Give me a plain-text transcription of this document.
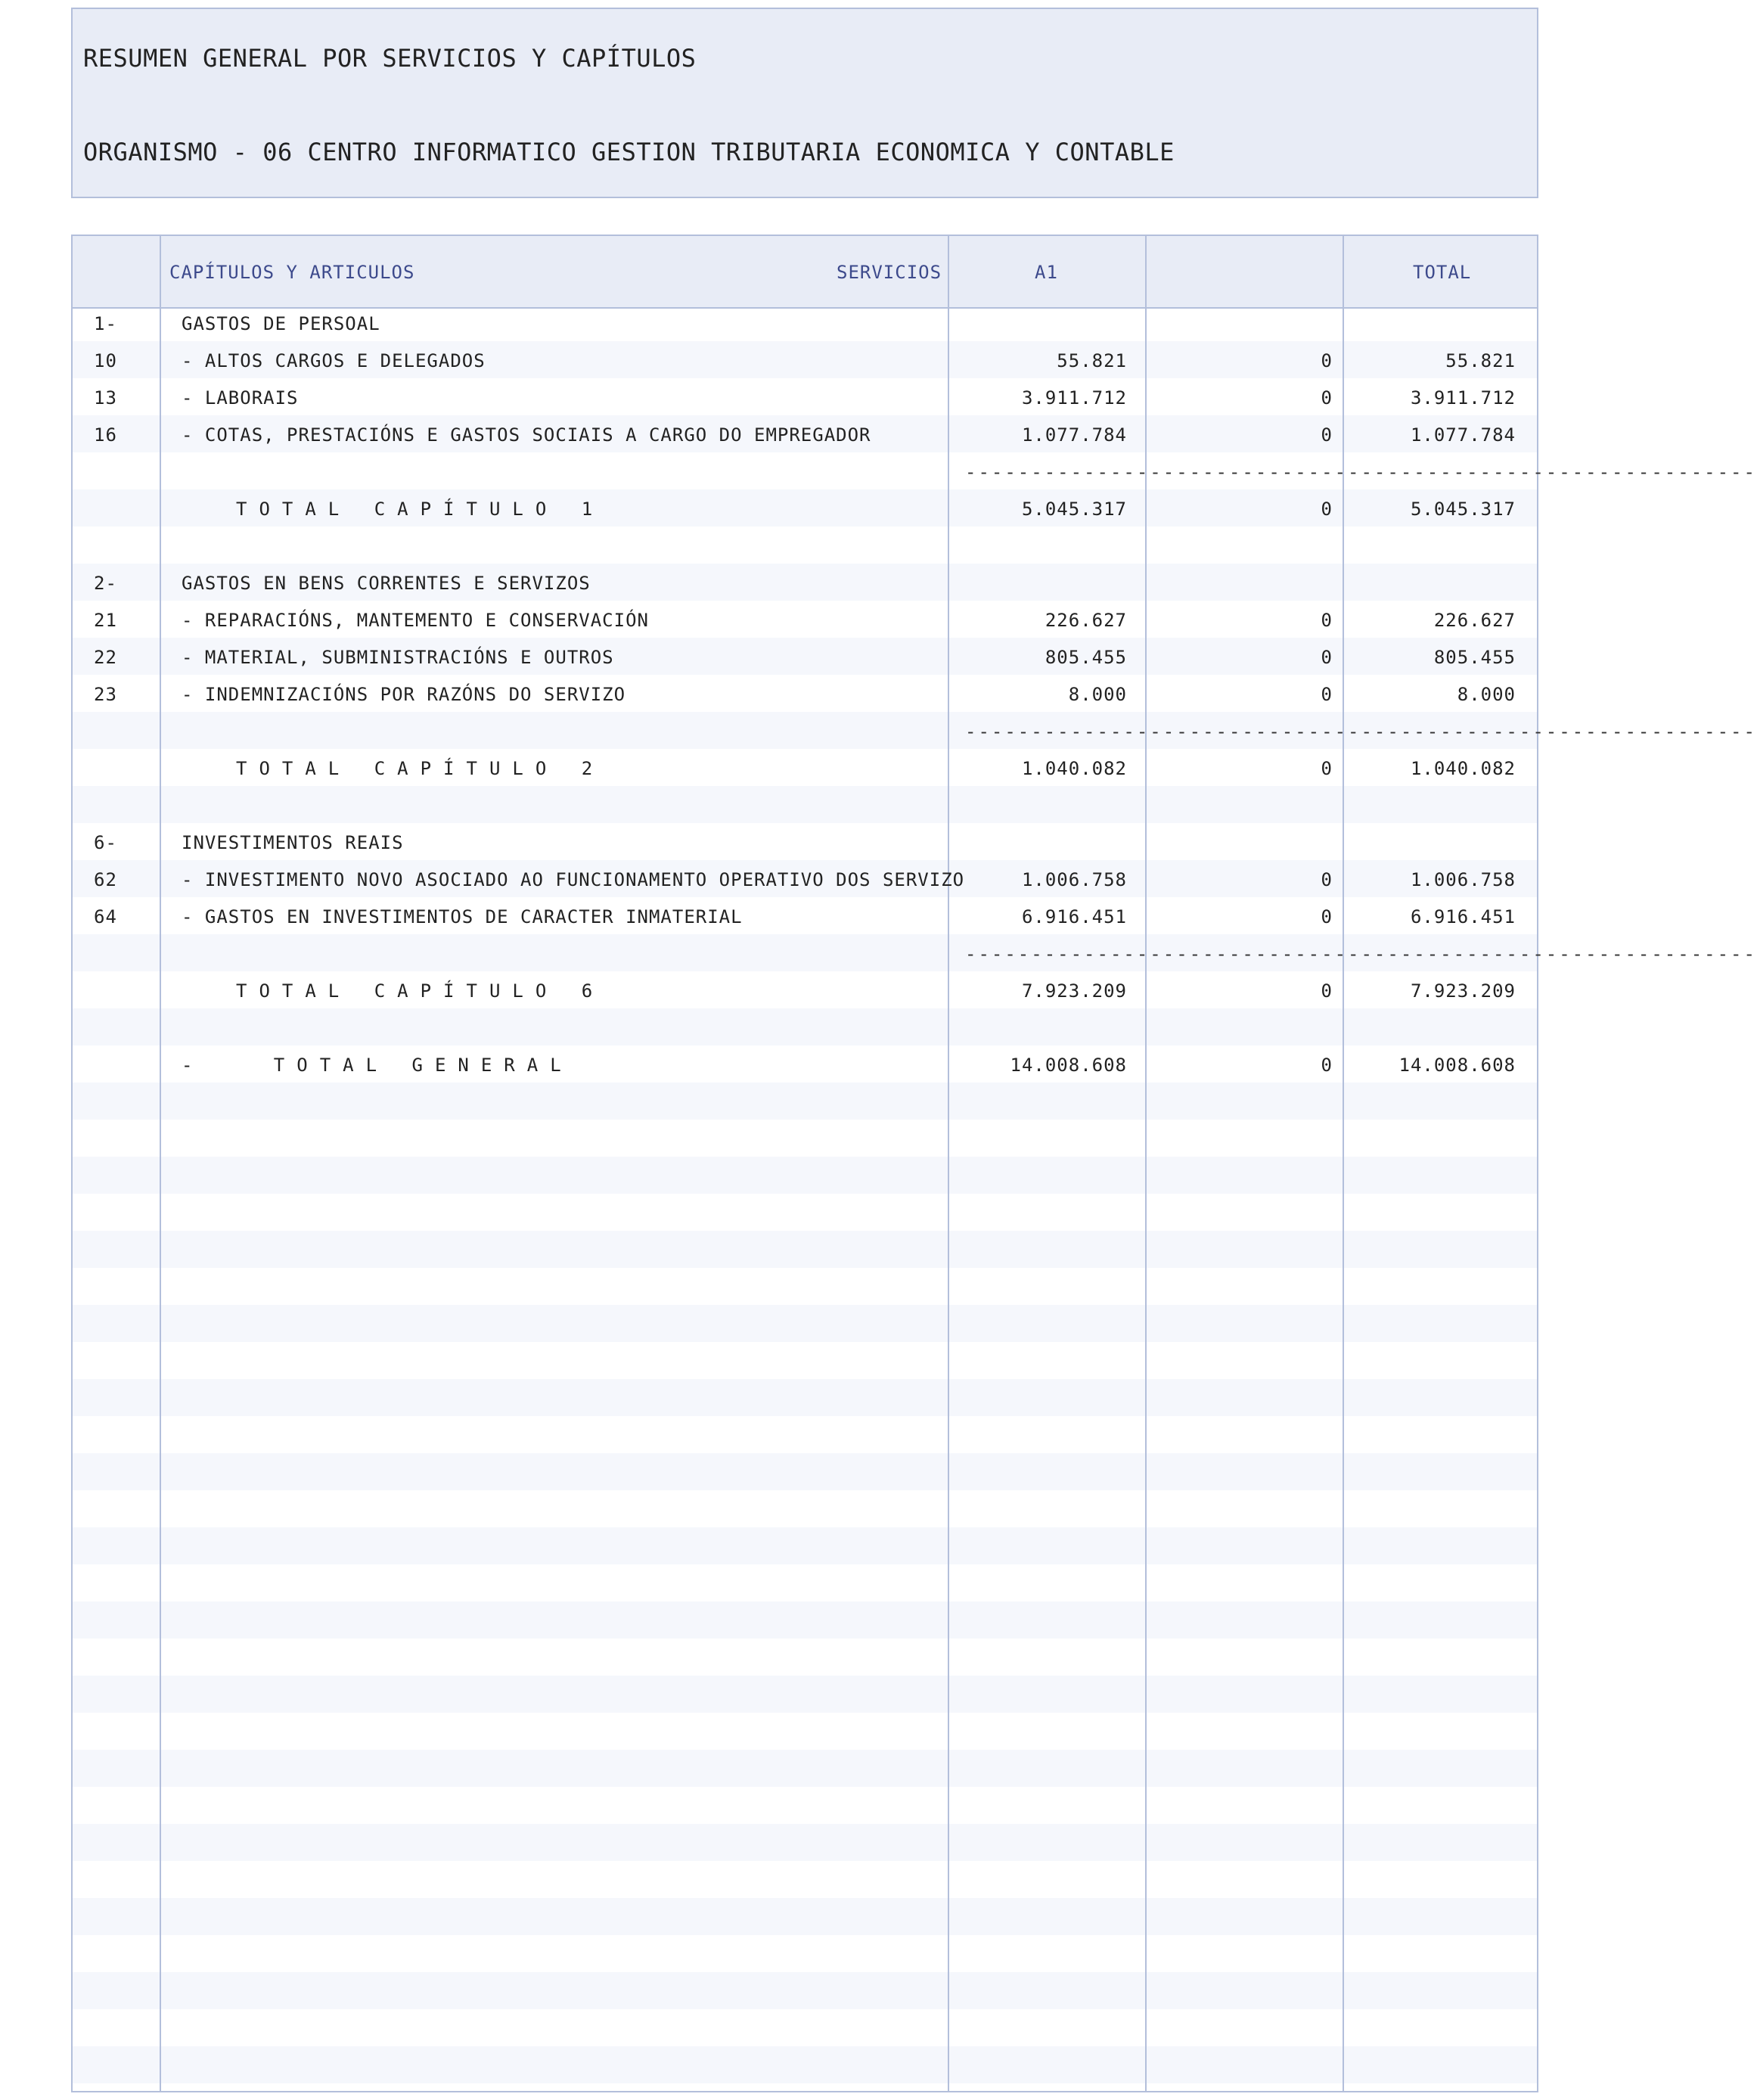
RESUMEN GENERAL POR SERVICIOS Y CAPÍTULOS
ORGANISMO - 06 CENTRO INFORMATICO GESTION TRIBUTARIA ECONOMICA Y CONTABLE
CAPÍTULOS Y ARTICULOS	SERVICIOS	A1	TOTAL
1-	GASTOS DE PERSOAL
10	- ALTOS CARGOS E DELEGADOS	55.821	0	55.821
13	- LABORAIS	3.911.712	0	3.911.712
16	- COTAS, PRESTACIÓNS E GASTOS SOCIAIS A CARGO DO EMPREGADOR	1.077.784	0	1.077.784
------------------------------------------------------------
TOTAL CAPÍTULO 1	5.045.317	0	5.045.317
2-	GASTOS EN BENS CORRENTES E SERVIZOS
21	- REPARACIÓNS, MANTEMENTO E CONSERVACIÓN	226.627	0	226.627
22	- MATERIAL, SUBMINISTRACIÓNS E OUTROS	805.455	0	805.455
23	- INDEMNIZACIÓNS POR RAZÓNS DO SERVIZO	8.000	0	8.000
------------------------------------------------------------
TOTAL CAPÍTULO 2	1.040.082	0	1.040.082
6-	INVESTIMENTOS REAIS
62	- INVESTIMENTO NOVO ASOCIADO AO FUNCIONAMENTO OPERATIVO DOS SERVIZO	1.006.758	0	1.006.758
64	- GASTOS EN INVESTIMENTOS DE CARACTER INMATERIAL	6.916.451	0	6.916.451
------------------------------------------------------------
TOTAL CAPÍTULO 6	7.923.209	0	7.923.209
-   TOTAL GENERAL	14.008.608	0	14.008.608
